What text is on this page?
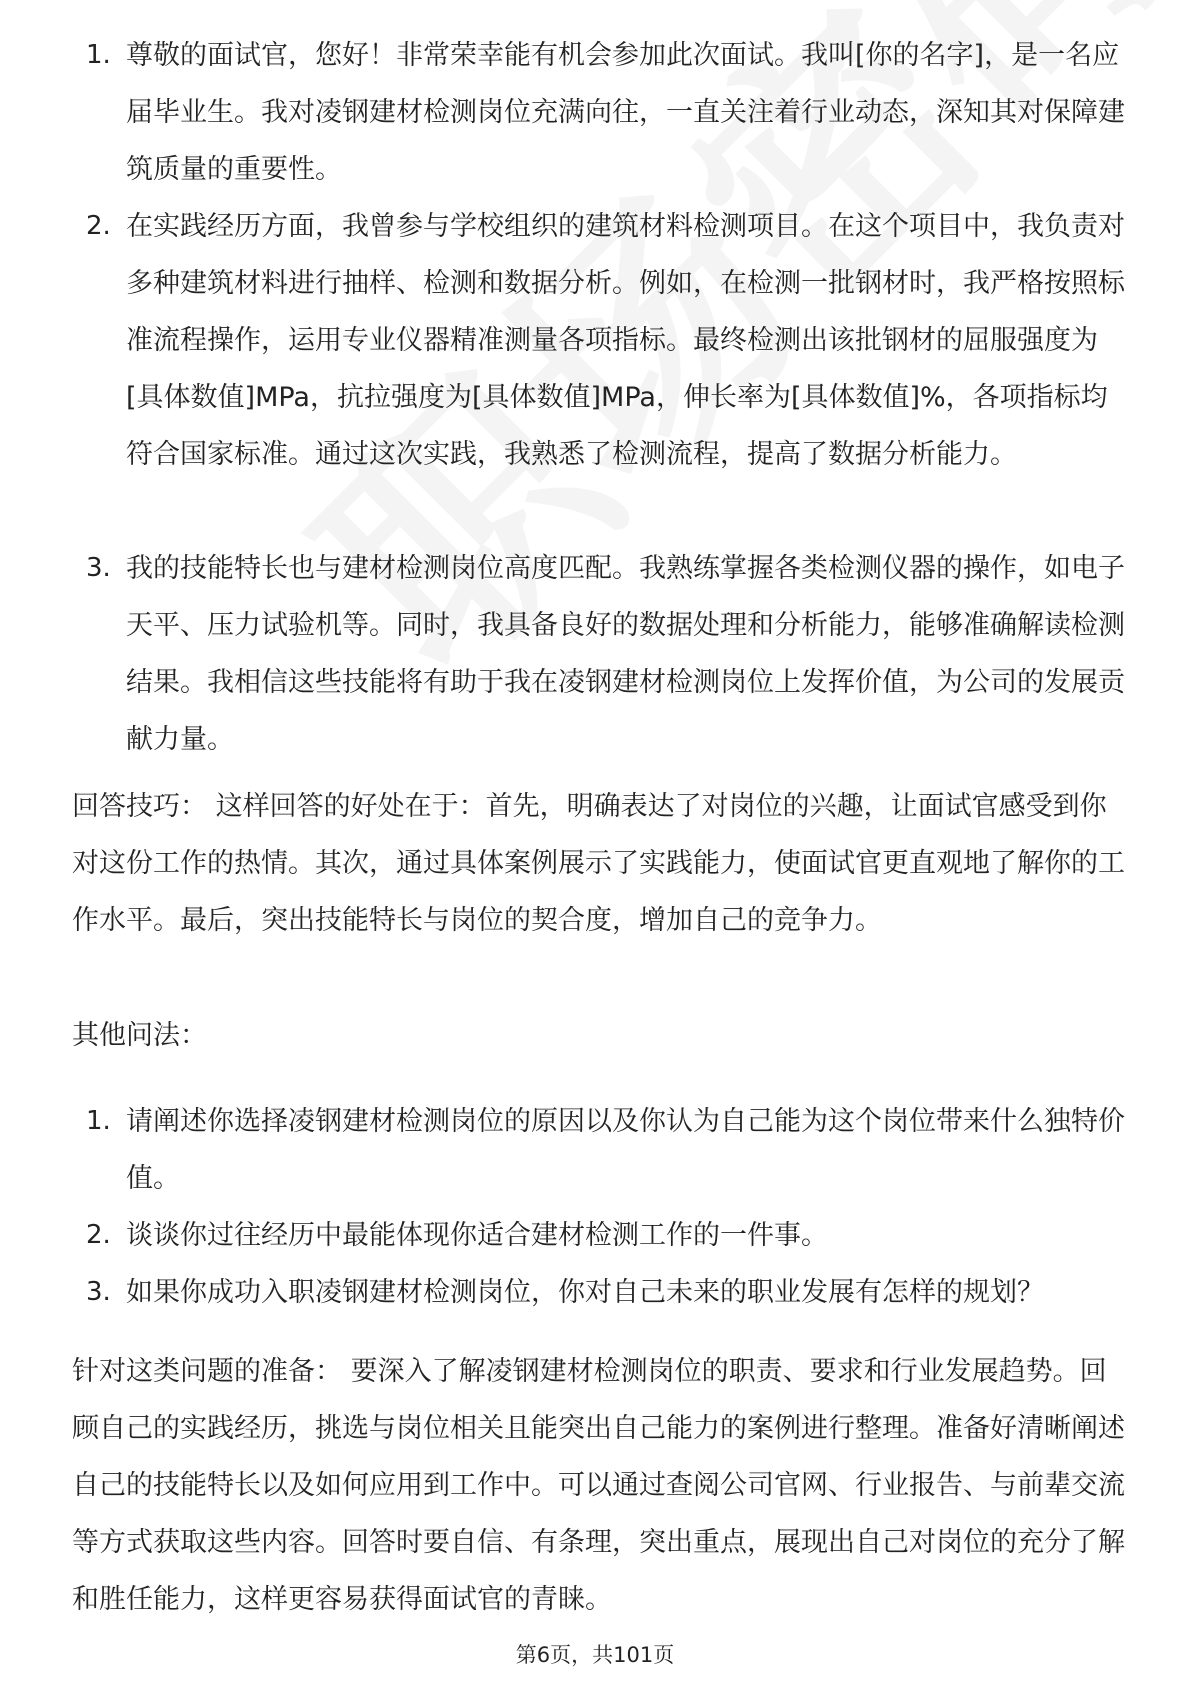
1. 尊敬的面试官，您好！非常荣幸能有机会参加此次面试。我叫[你的名字]，是一名应届毕业生。我对凌钢建材检测岗位充满向往，一直关注着行业动态，深知其对保障建筑质量的重要性。
2. 在实践经历方面，我曾参与学校组织的建筑材料检测项目。在这个项目中，我负责对多种建筑材料进行抽样、检测和数据分析。例如，在检测一批钢材时，我严格按照标准流程操作，运用专业仪器精准测量各项指标。最终检测出该批钢材的屈服强度为[具体数值]MPa，抗拉强度为[具体数值]MPa，伸长率为[具体数值]%，各项指标均符合国家标准。通过这次实践，我熟悉了检测流程，提高了数据分析能力。
3. 我的技能特长也与建材检测岗位高度匹配。我熟练掌握各类检测仪器的操作，如电子天平、压力试验机等。同时，我具备良好的数据处理和分析能力，能够准确解读检测结果。我相信这些技能将有助于我在凌钢建材检测岗位上发挥价值，为公司的发展贡献力量。

回答技巧： 这样回答的好处在于：首先，明确表达了对岗位的兴趣，让面试官感受到你对这份工作的热情。其次，通过具体案例展示了实践能力，使面试官更直观地了解你的工作水平。最后，突出技能特长与岗位的契合度，增加自己的竞争力。

其他问法：

1. 请阐述你选择凌钢建材检测岗位的原因以及你认为自己能为这个岗位带来什么独特价值。
2. 谈谈你过往经历中最能体现你适合建材检测工作的一件事。
3. 如果你成功入职凌钢建材检测岗位，你对自己未来的职业发展有怎样的规划？

针对这类问题的准备： 要深入了解凌钢建材检测岗位的职责、要求和行业发展趋势。回顾自己的实践经历，挑选与岗位相关且能突出自己能力的案例进行整理。准备好清晰阐述自己的技能特长以及如何应用到工作中。可以通过查阅公司官网、行业报告、与前辈交流等方式获取这些内容。回答时要自信、有条理，突出重点，展现出自己对岗位的充分了解和胜任能力，这样更容易获得面试官的青睐。

第6页，共101页
